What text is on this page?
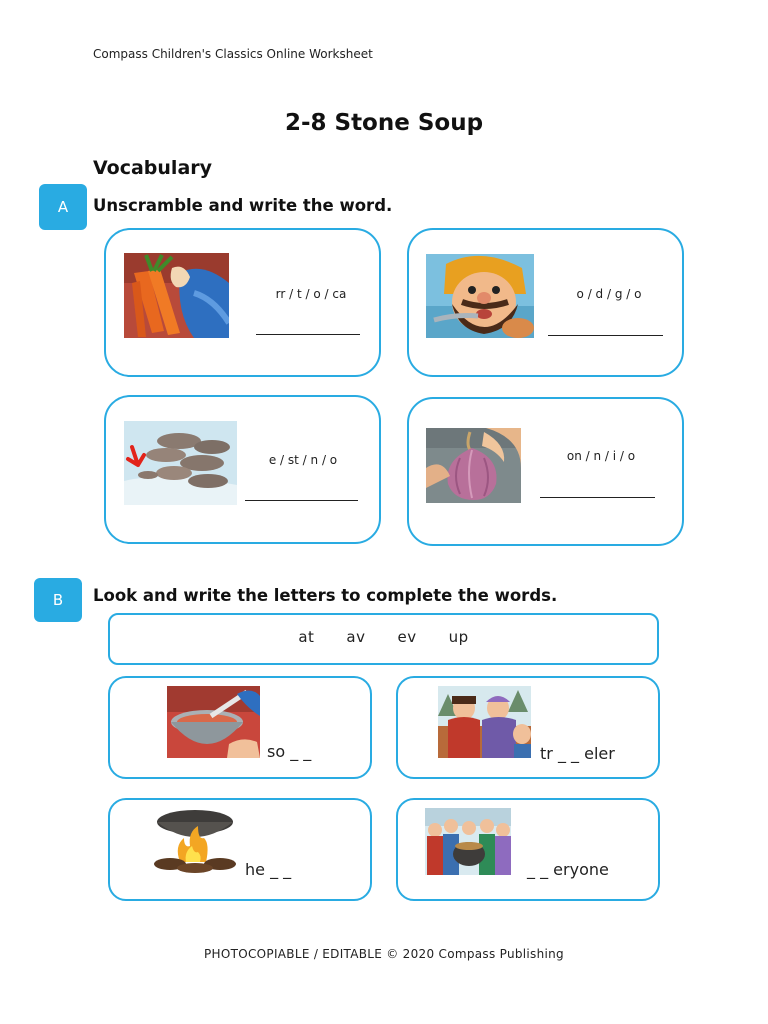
Compass Children's Classics Online Worksheet
2-8 Stone Soup
Vocabulary
A	Unscramble and write the word.
rr / t / o / ca	o / d / g / o
e / st / n / o	on / n / i / o
B	Look and write the letters to complete the words.
at av ev up
so _ _	tr _ _ eler
he _ _	_ _ eryone
PHOTOCOPIABLE / EDITABLE © 2020 Compass Publishing
